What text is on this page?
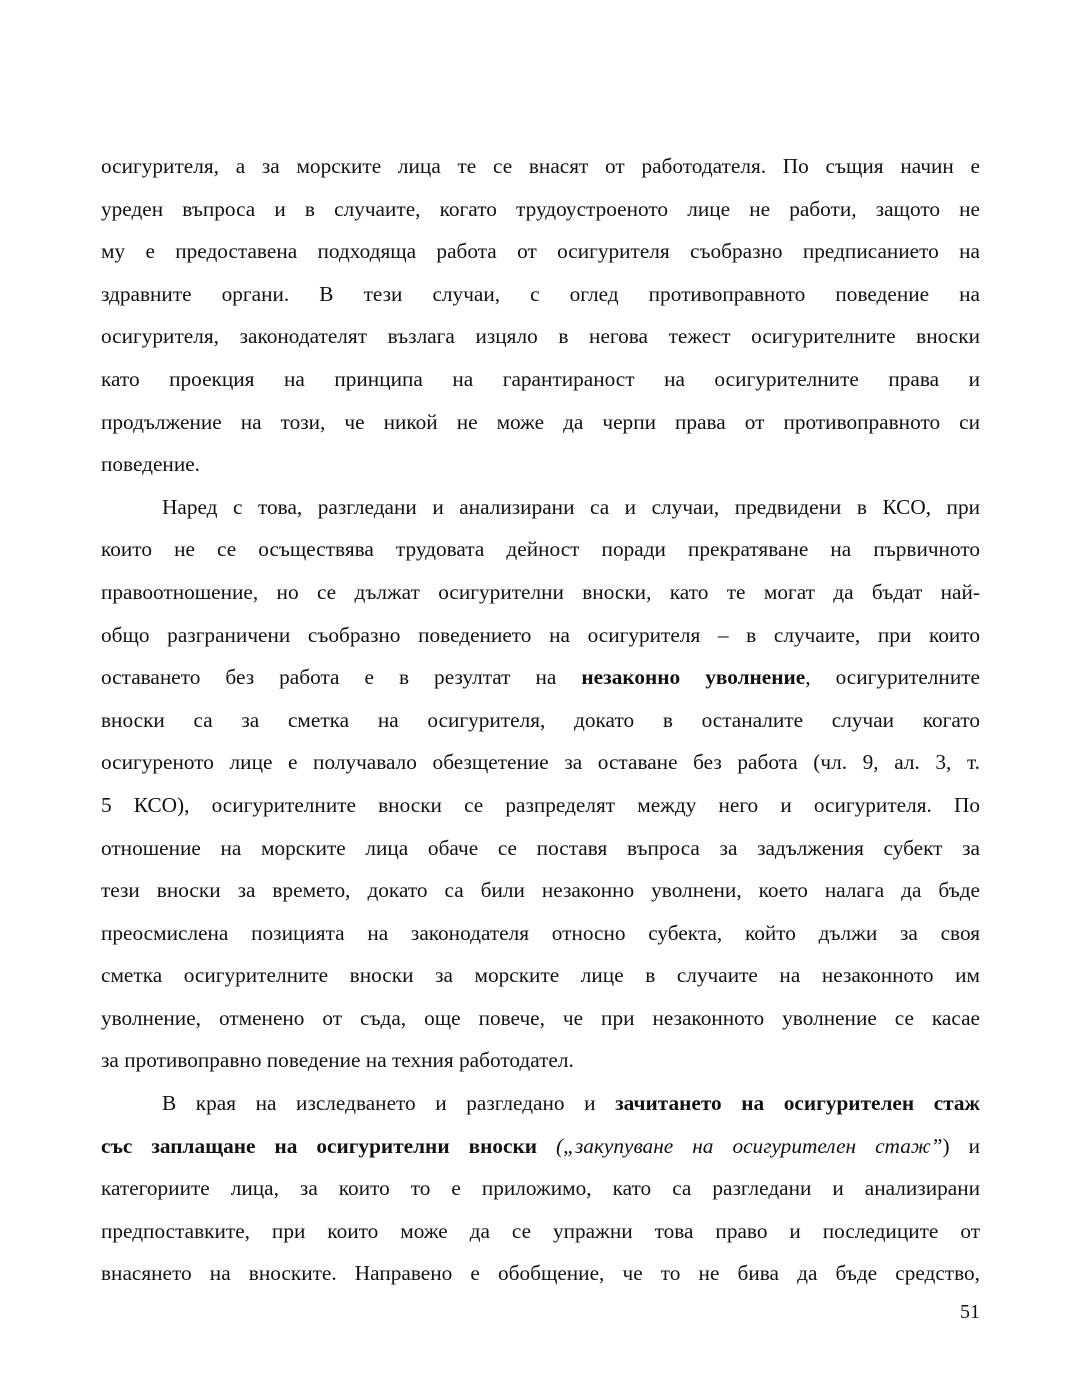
осигурителя, а за морските лица те се внасят от работодателя. По същия начин е
уреден въпроса и в случаите, когато трудоустроеното лице не работи, защото не
му е предоставена подходяща работа от осигурителя съобразно предписанието на
здравните органи. В тези случаи, с оглед противоправното поведение на
осигурителя, законодателят възлага изцяло в негова тежест осигурителните вноски
като проекция на принципа на гарантираност на осигурителните права и
продължение на този, че никой не може да черпи права от противоправното си
поведение.
Наред с това, разгледани и анализирани са и случаи, предвидени в КСО, при
които не се осъществява трудовата дейност поради прекратяване на първичното
правоотношение, но се дължат осигурителни вноски, като те могат да бъдат най-
общо разграничени съобразно поведението на осигурителя – в случаите, при които
оставането без работа е в резултат на незаконно уволнение, осигурителните
вноски са за сметка на осигурителя, докато в останалите случаи когато
осигуреното лице е получавало обезщетение за оставане без работа (чл. 9, ал. 3, т.
5 КСО), осигурителните вноски се разпределят между него и осигурителя. По
отношение на морските лица обаче се поставя въпроса за задължения субект за
тези вноски за времето, докато са били незаконно уволнени, което налага да бъде
преосмислена позицията на законодателя относно субекта, който дължи за своя
сметка осигурителните вноски за морските лице в случаите на незаконното им
уволнение, отменено от съда, още повече, че при незаконното уволнение се касае
за противоправно поведение на техния работодател.
В края на изследването и разгледано и зачитането на осигурителен стаж
със заплащане на осигурителни вноски („закупуване на осигурителен стаж”) и
категориите лица, за които то е приложимо, като са разгледани и анализирани
предпоставките, при които може да се упражни това право и последиците от
внасянето на вноските. Направено е обобщение, че то не бива да бъде средство,
51
